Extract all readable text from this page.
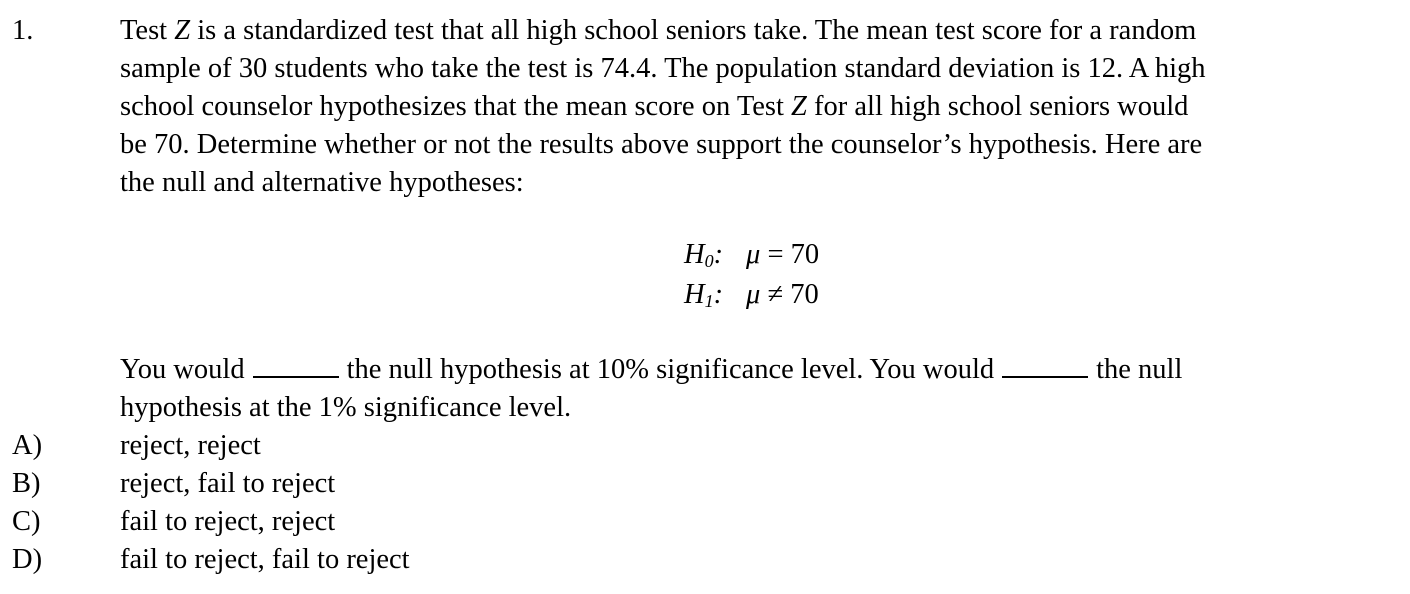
1.	Test Z is a standardized test that all high school seniors take. The mean test score for a random

sample of 30 students who take the test is 74.4. The population standard deviation is 12. A high

school counselor hypothesizes that the mean score on Test Z for all high school seniors would

be 70. Determine whether or not the results above support the counselor’s hypothesis. Here are

the null and alternative hypotheses:

H0: μ = 70
H1: μ ≠ 70

You would	the null hypothesis at 10% significance level. You would	the null

hypothesis at the 1% significance level.

A)	reject, reject
B)	reject, fail to reject
C)	fail to reject, reject
D)	fail to reject, fail to reject
